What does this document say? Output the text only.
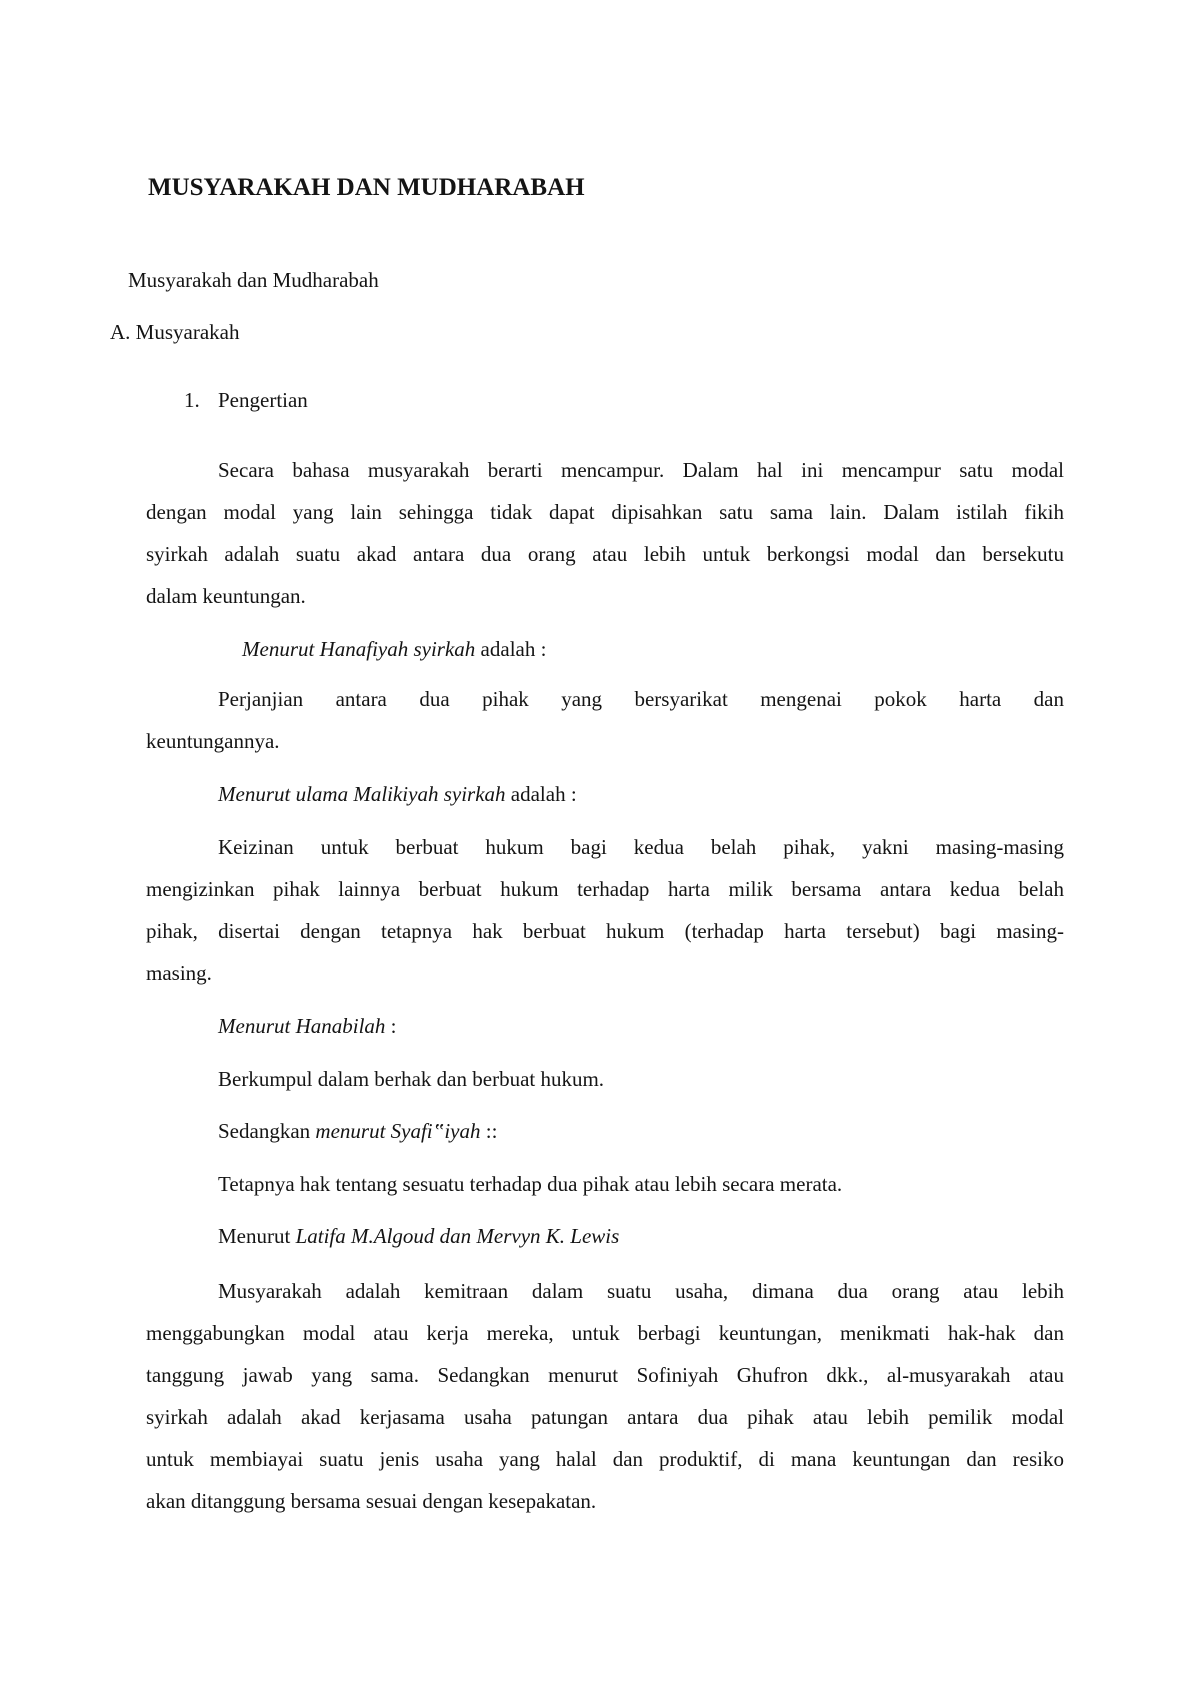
MUSYARAKAH DAN MUDHARABAH

Musyarakah dan Mudharabah

A. Musyarakah

1. Pengertian

Secara bahasa musyarakah berarti mencampur. Dalam hal ini mencampur satu modal
dengan modal yang lain sehingga tidak dapat dipisahkan satu sama lain. Dalam istilah fikih
syirkah adalah suatu akad antara dua orang atau lebih untuk berkongsi modal dan bersekutu
dalam keuntungan.

Menurut Hanafiyah syirkah adalah :

Perjanjian antara dua pihak yang bersyarikat mengenai pokok harta dan
keuntungannya.

Menurut ulama Malikiyah syirkah adalah :

Keizinan untuk berbuat hukum bagi kedua belah pihak, yakni masing-masing
mengizinkan pihak lainnya berbuat hukum terhadap harta milik bersama antara kedua belah
pihak, disertai dengan tetapnya hak berbuat hukum (terhadap harta tersebut) bagi masing-
masing.

Menurut Hanabilah :

Berkumpul dalam berhak dan berbuat hukum.

Sedangkan menurut Syafi‟iyah ::

Tetapnya hak tentang sesuatu terhadap dua pihak atau lebih secara merata.

Menurut Latifa M.Algoud dan Mervyn K. Lewis

Musyarakah adalah kemitraan dalam suatu usaha, dimana dua orang atau lebih
menggabungkan modal atau kerja mereka, untuk berbagi keuntungan, menikmati hak-hak dan
tanggung jawab yang sama. Sedangkan menurut Sofiniyah Ghufron dkk., al-musyarakah atau
syirkah adalah akad kerjasama usaha patungan antara dua pihak atau lebih pemilik modal
untuk membiayai suatu jenis usaha yang halal dan produktif, di mana keuntungan dan resiko
akan ditanggung bersama sesuai dengan kesepakatan.
